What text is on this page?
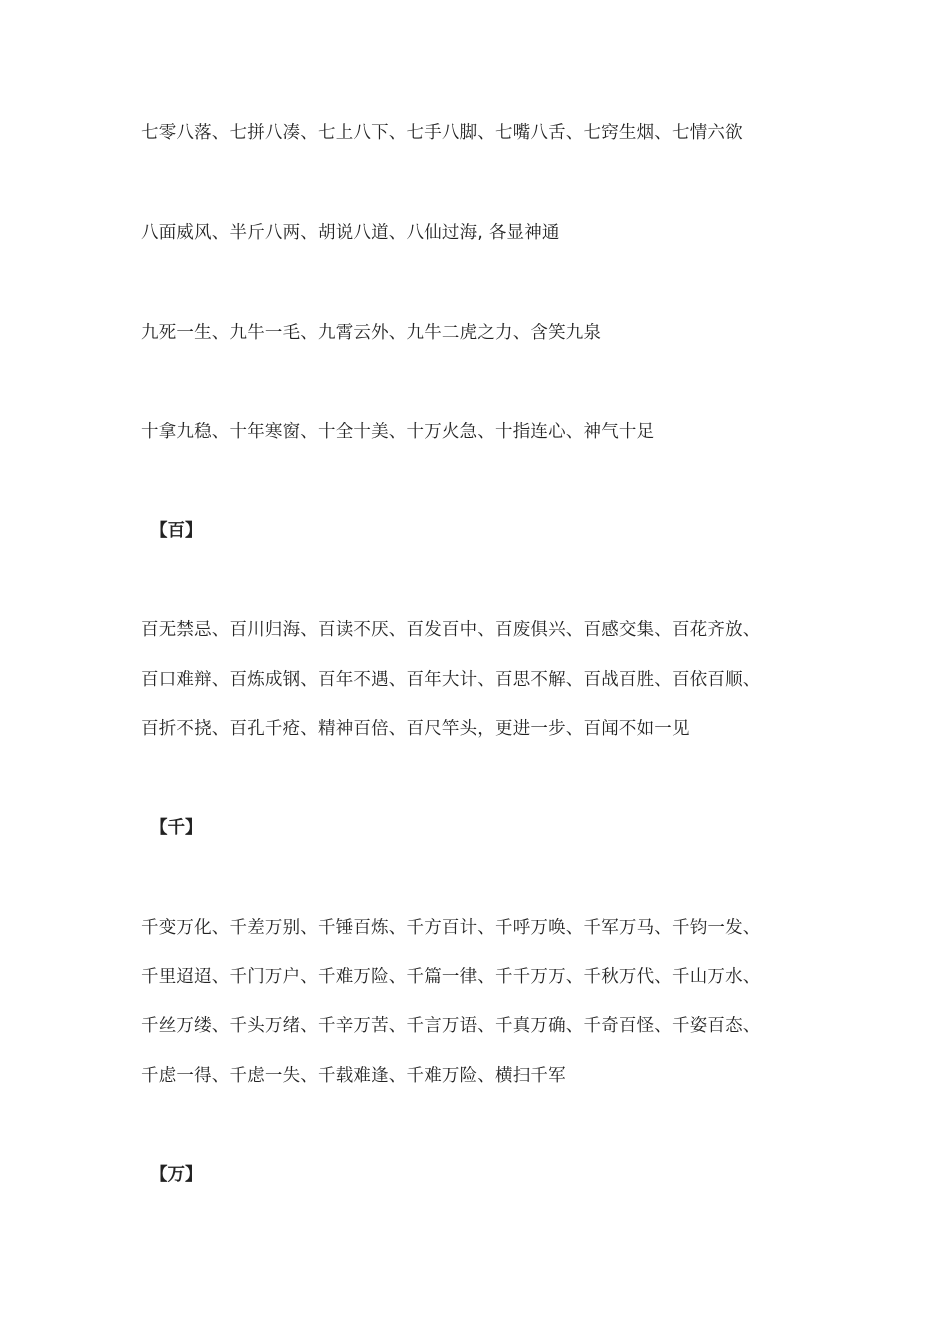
七零八落、七拼八凑、七上八下、七手八脚、七嘴八舌、七窍生烟、七情六欲
八面威风、半斤八两、胡说八道、八仙过海, 各显神通
九死一生、九牛一毛、九霄云外、九牛二虎之力、含笑九泉
十拿九稳、十年寒窗、十全十美、十万火急、十指连心、神气十足
【百】
百无禁忌、百川归海、百读不厌、百发百中、百废俱兴、百感交集、百花齐放、
百口难辩、百炼成钢、百年不遇、百年大计、百思不解、百战百胜、百依百顺、
百折不挠、百孔千疮、精神百倍、百尺竿头，更进一步、百闻不如一见
【千】
千变万化、千差万别、千锤百炼、千方百计、千呼万唤、千军万马、千钧一发、
千里迢迢、千门万户、千难万险、千篇一律、千千万万、千秋万代、千山万水、
千丝万缕、千头万绪、千辛万苦、千言万语、千真万确、千奇百怪、千姿百态、
千虑一得、千虑一失、千载难逢、千难万险、横扫千军
【万】
